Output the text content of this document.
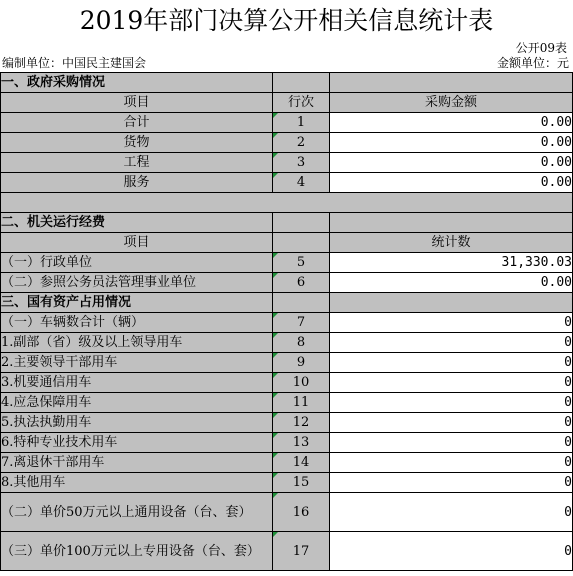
2019年部门决算公开相关信息统计表
公开09表
编制单位：中国民主建国会	金额单位：元
一、政府采购情况		
项目	行次	采购金额
合计	1	0.00
货物	2	0.00
工程	3	0.00
服务	4	0.00

二、机关运行经费		
项目		统计数
（一）行政单位	5	31,330.03
（二）参照公务员法管理事业单位	6	0.00
三、国有资产占用情况		
（一）车辆数合计（辆）	7	0
1.副部（省）级及以上领导用车	8	0
2.主要领导干部用车	9	0
3.机要通信用车	10	0
4.应急保障用车	11	0
5.执法执勤用车	12	0
6.特种专业技术用车	13	0
7.离退休干部用车	14	0
8.其他用车	15	0
（二）单价50万元以上通用设备（台、套）	16	0
（三）单价100万元以上专用设备（台、套）	17	0
